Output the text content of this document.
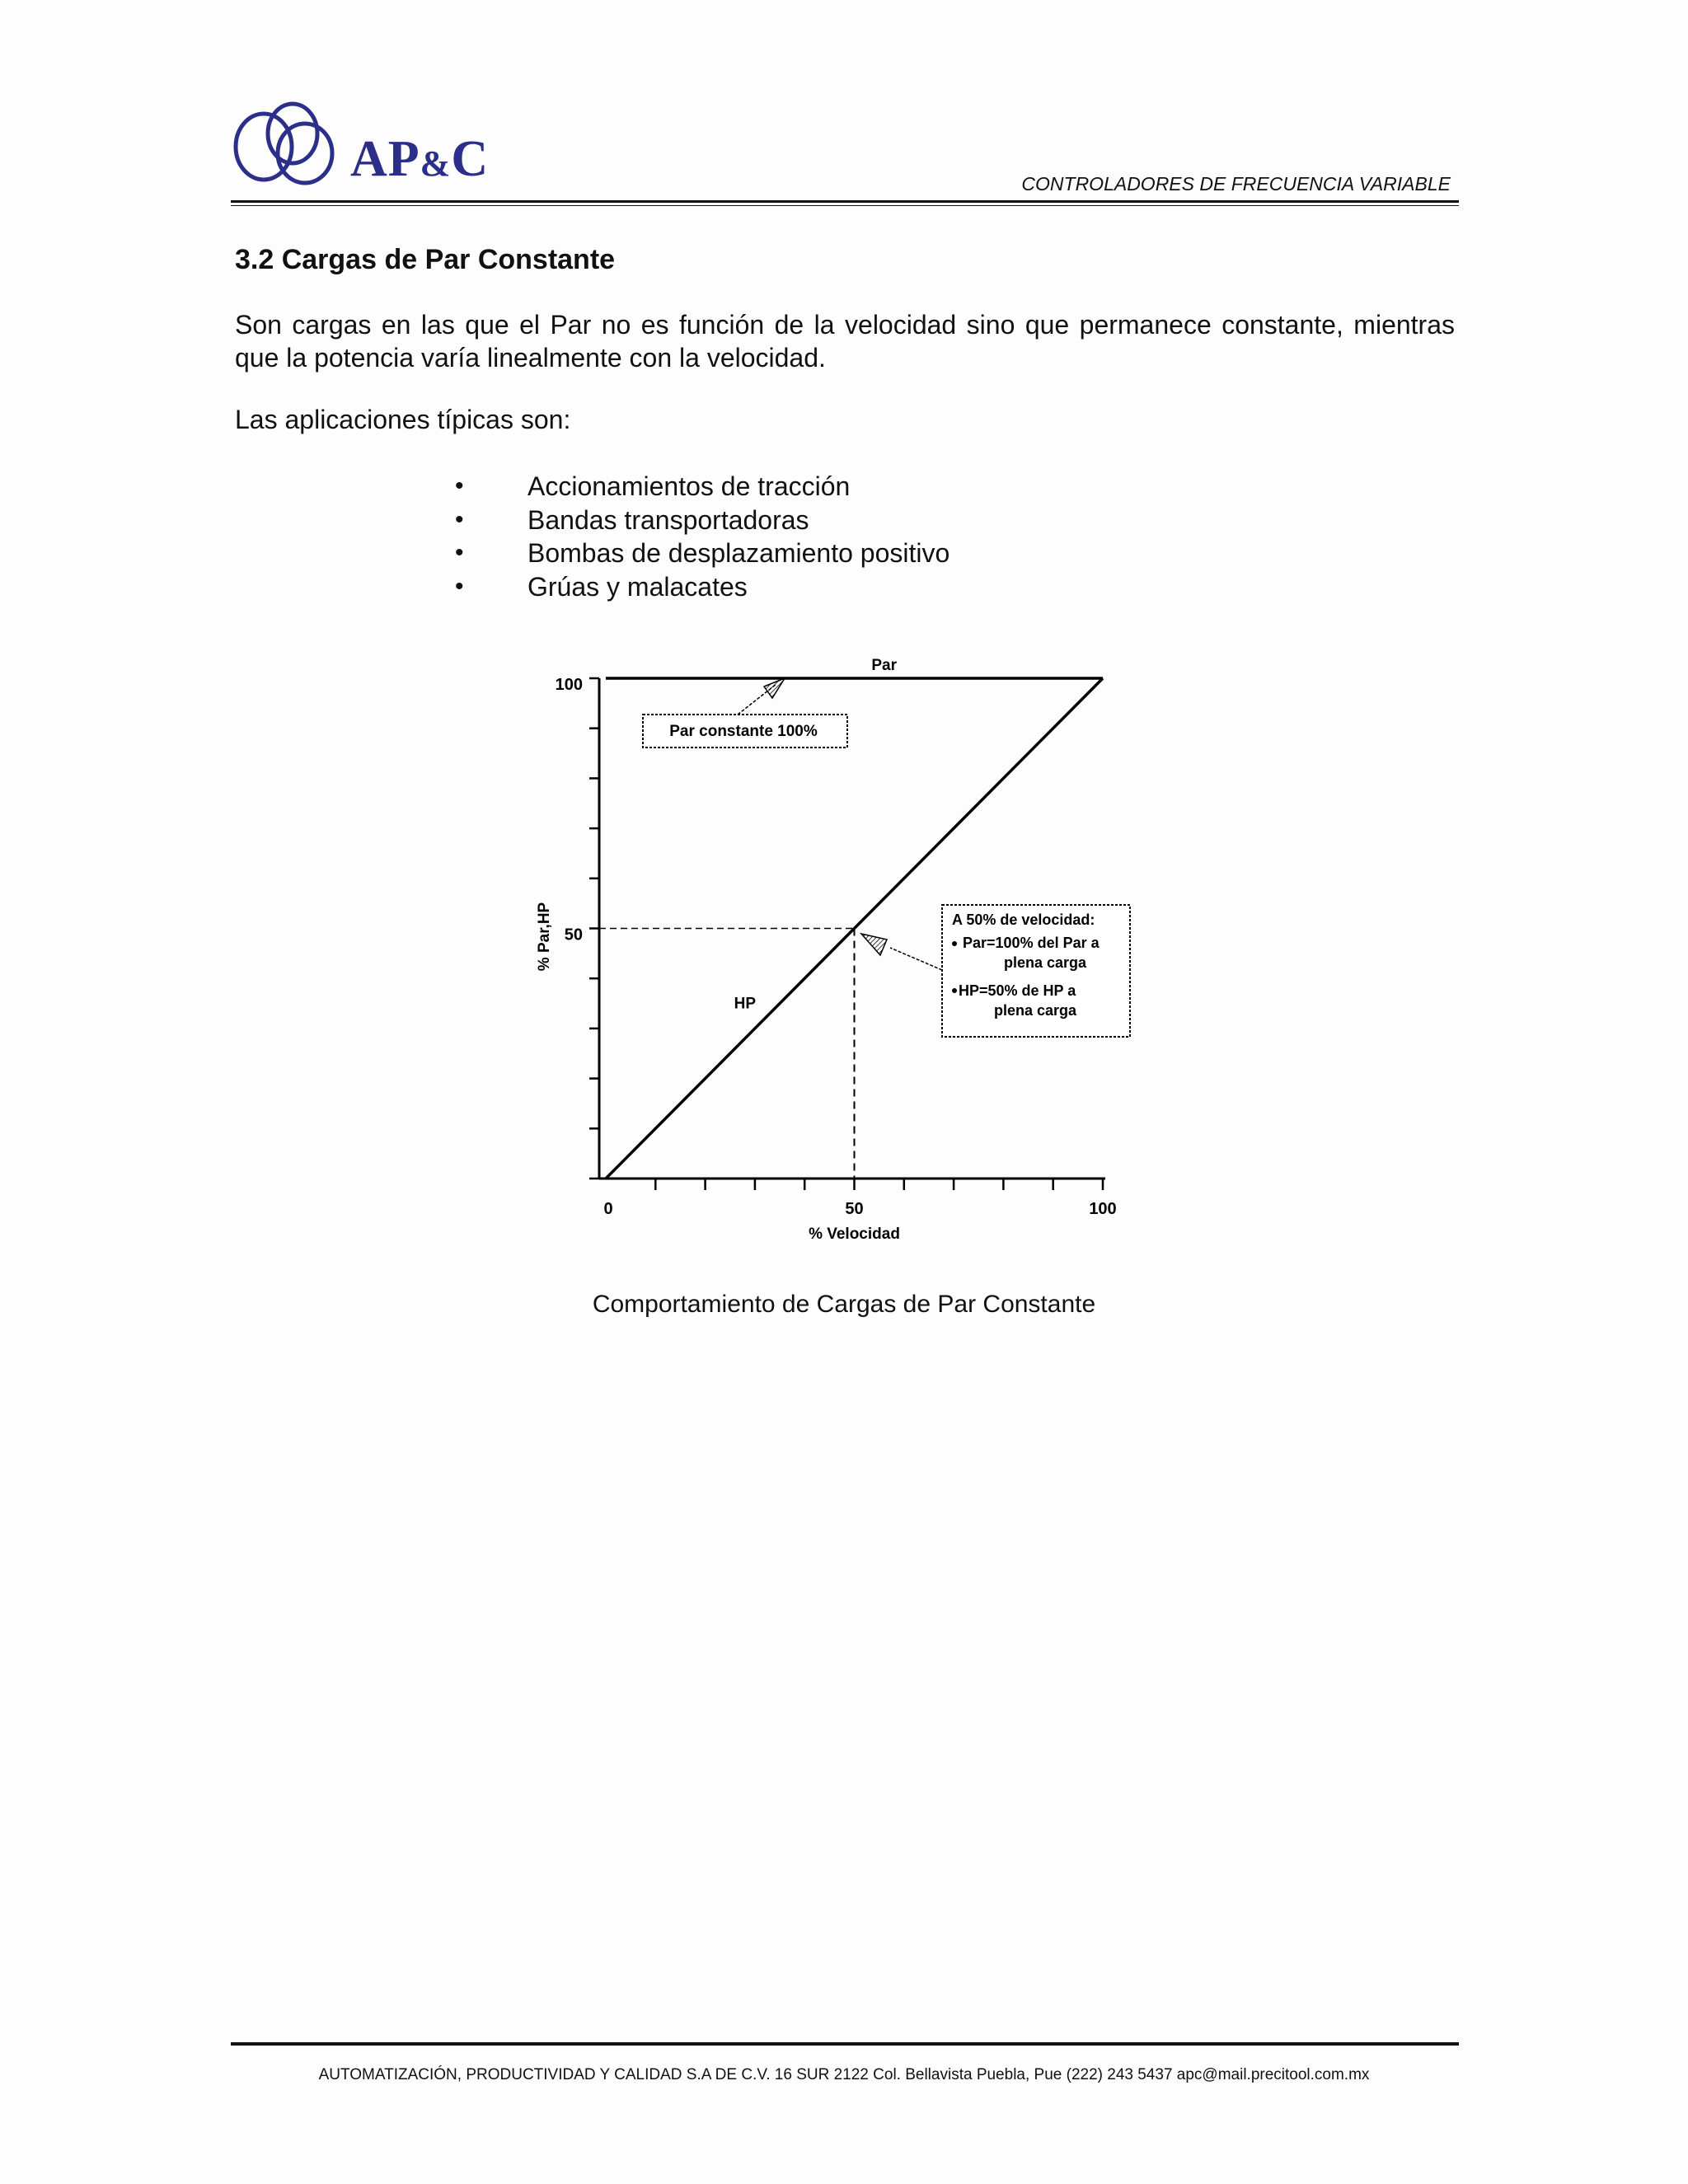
AP&C	CONTROLADORES DE FRECUENCIA VARIABLE
3.2 Cargas de Par Constante
Son cargas en las que el Par no es función de la velocidad sino que permanece constante, mientras que la potencia varía linealmente con la velocidad.
Las aplicaciones típicas son:
• Accionamientos de tracción
• Bandas transportadoras
• Bombas de desplazamiento positivo
• Grúas y malacates
0	50	100
50
100
% Velocidad
% Par,HP
Par
HP
Par constante 100%
A 50% de velocidad:
Par=100% del Par a
plena carga
HP=50% de HP a
plena carga
Comportamiento de Cargas de Par Constante
AUTOMATIZACIÓN, PRODUCTIVIDAD Y CALIDAD S.A DE C.V. 16 SUR 2122 Col. Bellavista Puebla, Pue (222) 243 5437 apc@mail.precitool.com.mx
